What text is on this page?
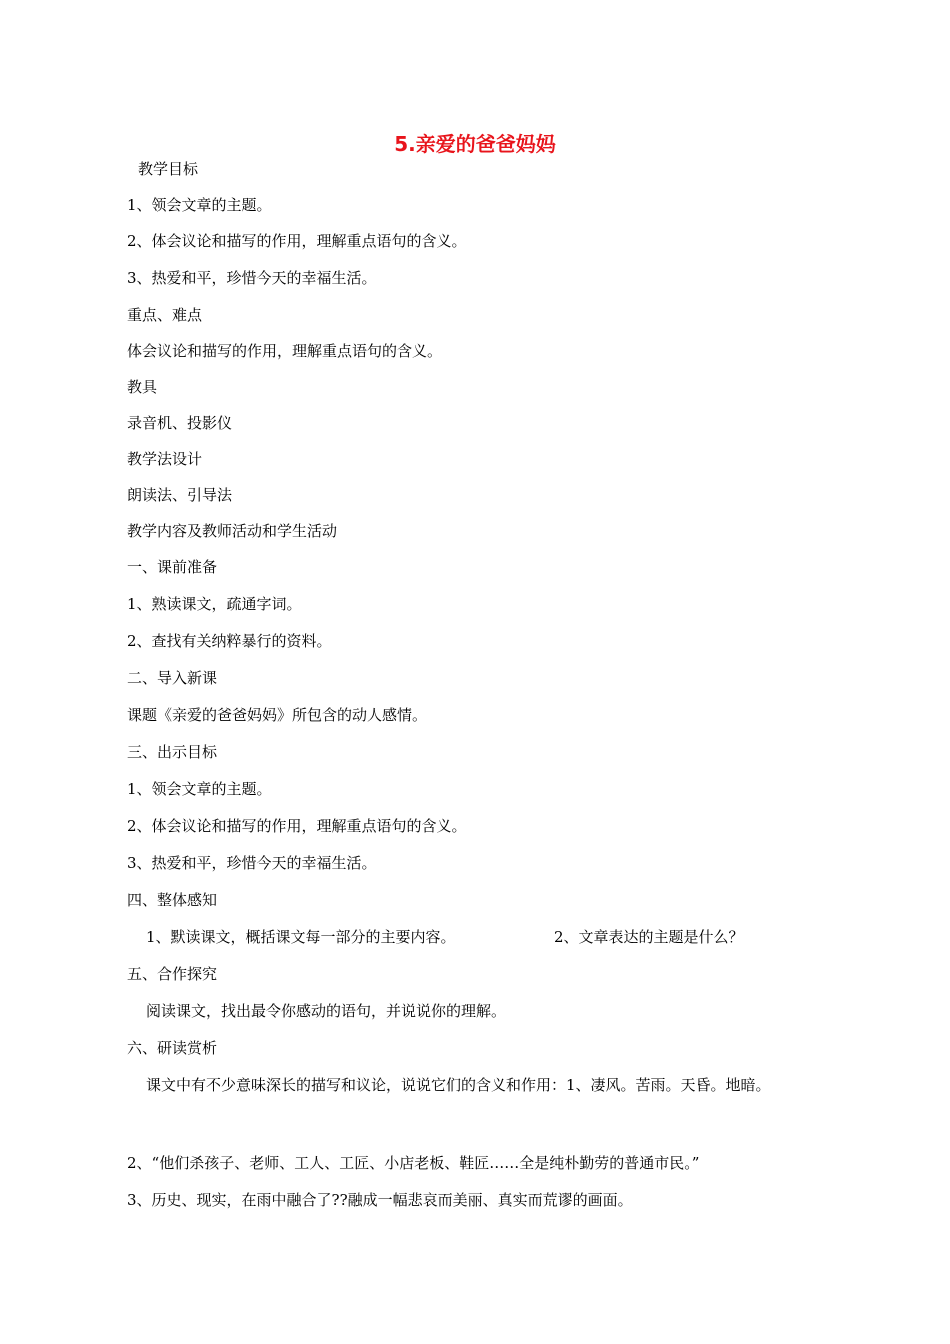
5.亲爱的爸爸妈妈
教学目标
1、领会文章的主题。
2、体会议论和描写的作用，理解重点语句的含义。
3、热爱和平，珍惜今天的幸福生活。
重点、难点
体会议论和描写的作用，理解重点语句的含义。
教具
录音机、投影仪
教学法设计
朗读法、引导法
教学内容及教师活动和学生活动
一、课前准备
1、熟读课文，疏通字词。
2、查找有关纳粹暴行的资料。
二、导入新课
课题《亲爱的爸爸妈妈》所包含的动人感情。
三、出示目标
1、领会文章的主题。
2、体会议论和描写的作用，理解重点语句的含义。
3、热爱和平，珍惜今天的幸福生活。
四、整体感知
1、默读课文，概括课文每一部分的主要内容。	2、文章表达的主题是什么？
五、合作探究
阅读课文，找出最令你感动的语句，并说说你的理解。
六、研读赏析
课文中有不少意味深长的描写和议论，说说它们的含义和作用：1、凄风。苦雨。天昏。地暗。
2、“他们杀孩子、老师、工人、工匠、小店老板、鞋匠……全是纯朴勤劳的普通市民。”
3、历史、现实，在雨中融合了??融成一幅悲哀而美丽、真实而荒谬的画面。
